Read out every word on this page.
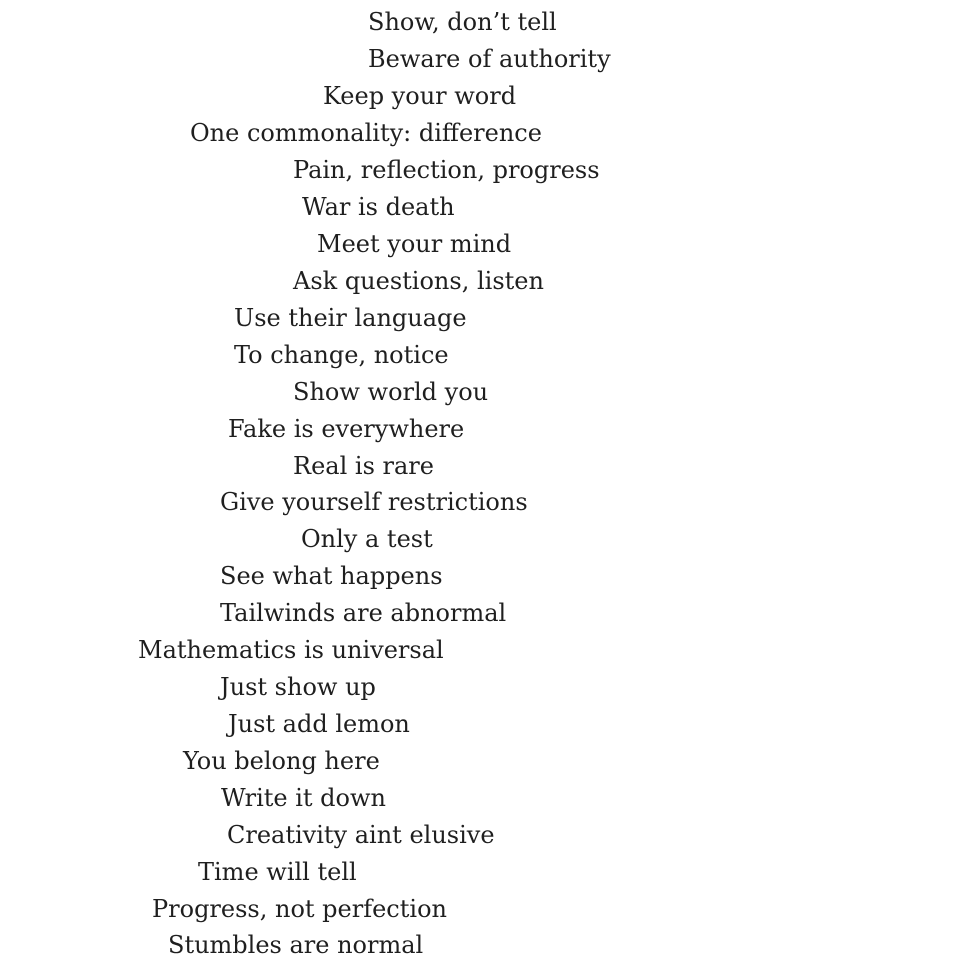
Show, don’t tell
Beware of authority
Keep your word
One commonality: difference
Pain, reflection, progress
War is death
Meet your mind
Ask questions, listen
Use their language
To change, notice
Show world you
Fake is everywhere
Real is rare
Give yourself restrictions
Only a test
See what happens
Tailwinds are abnormal
Mathematics is universal
Just show up
Just add lemon
You belong here
Write it down
Creativity aint elusive
Time will tell
Progress, not perfection
Stumbles are normal
